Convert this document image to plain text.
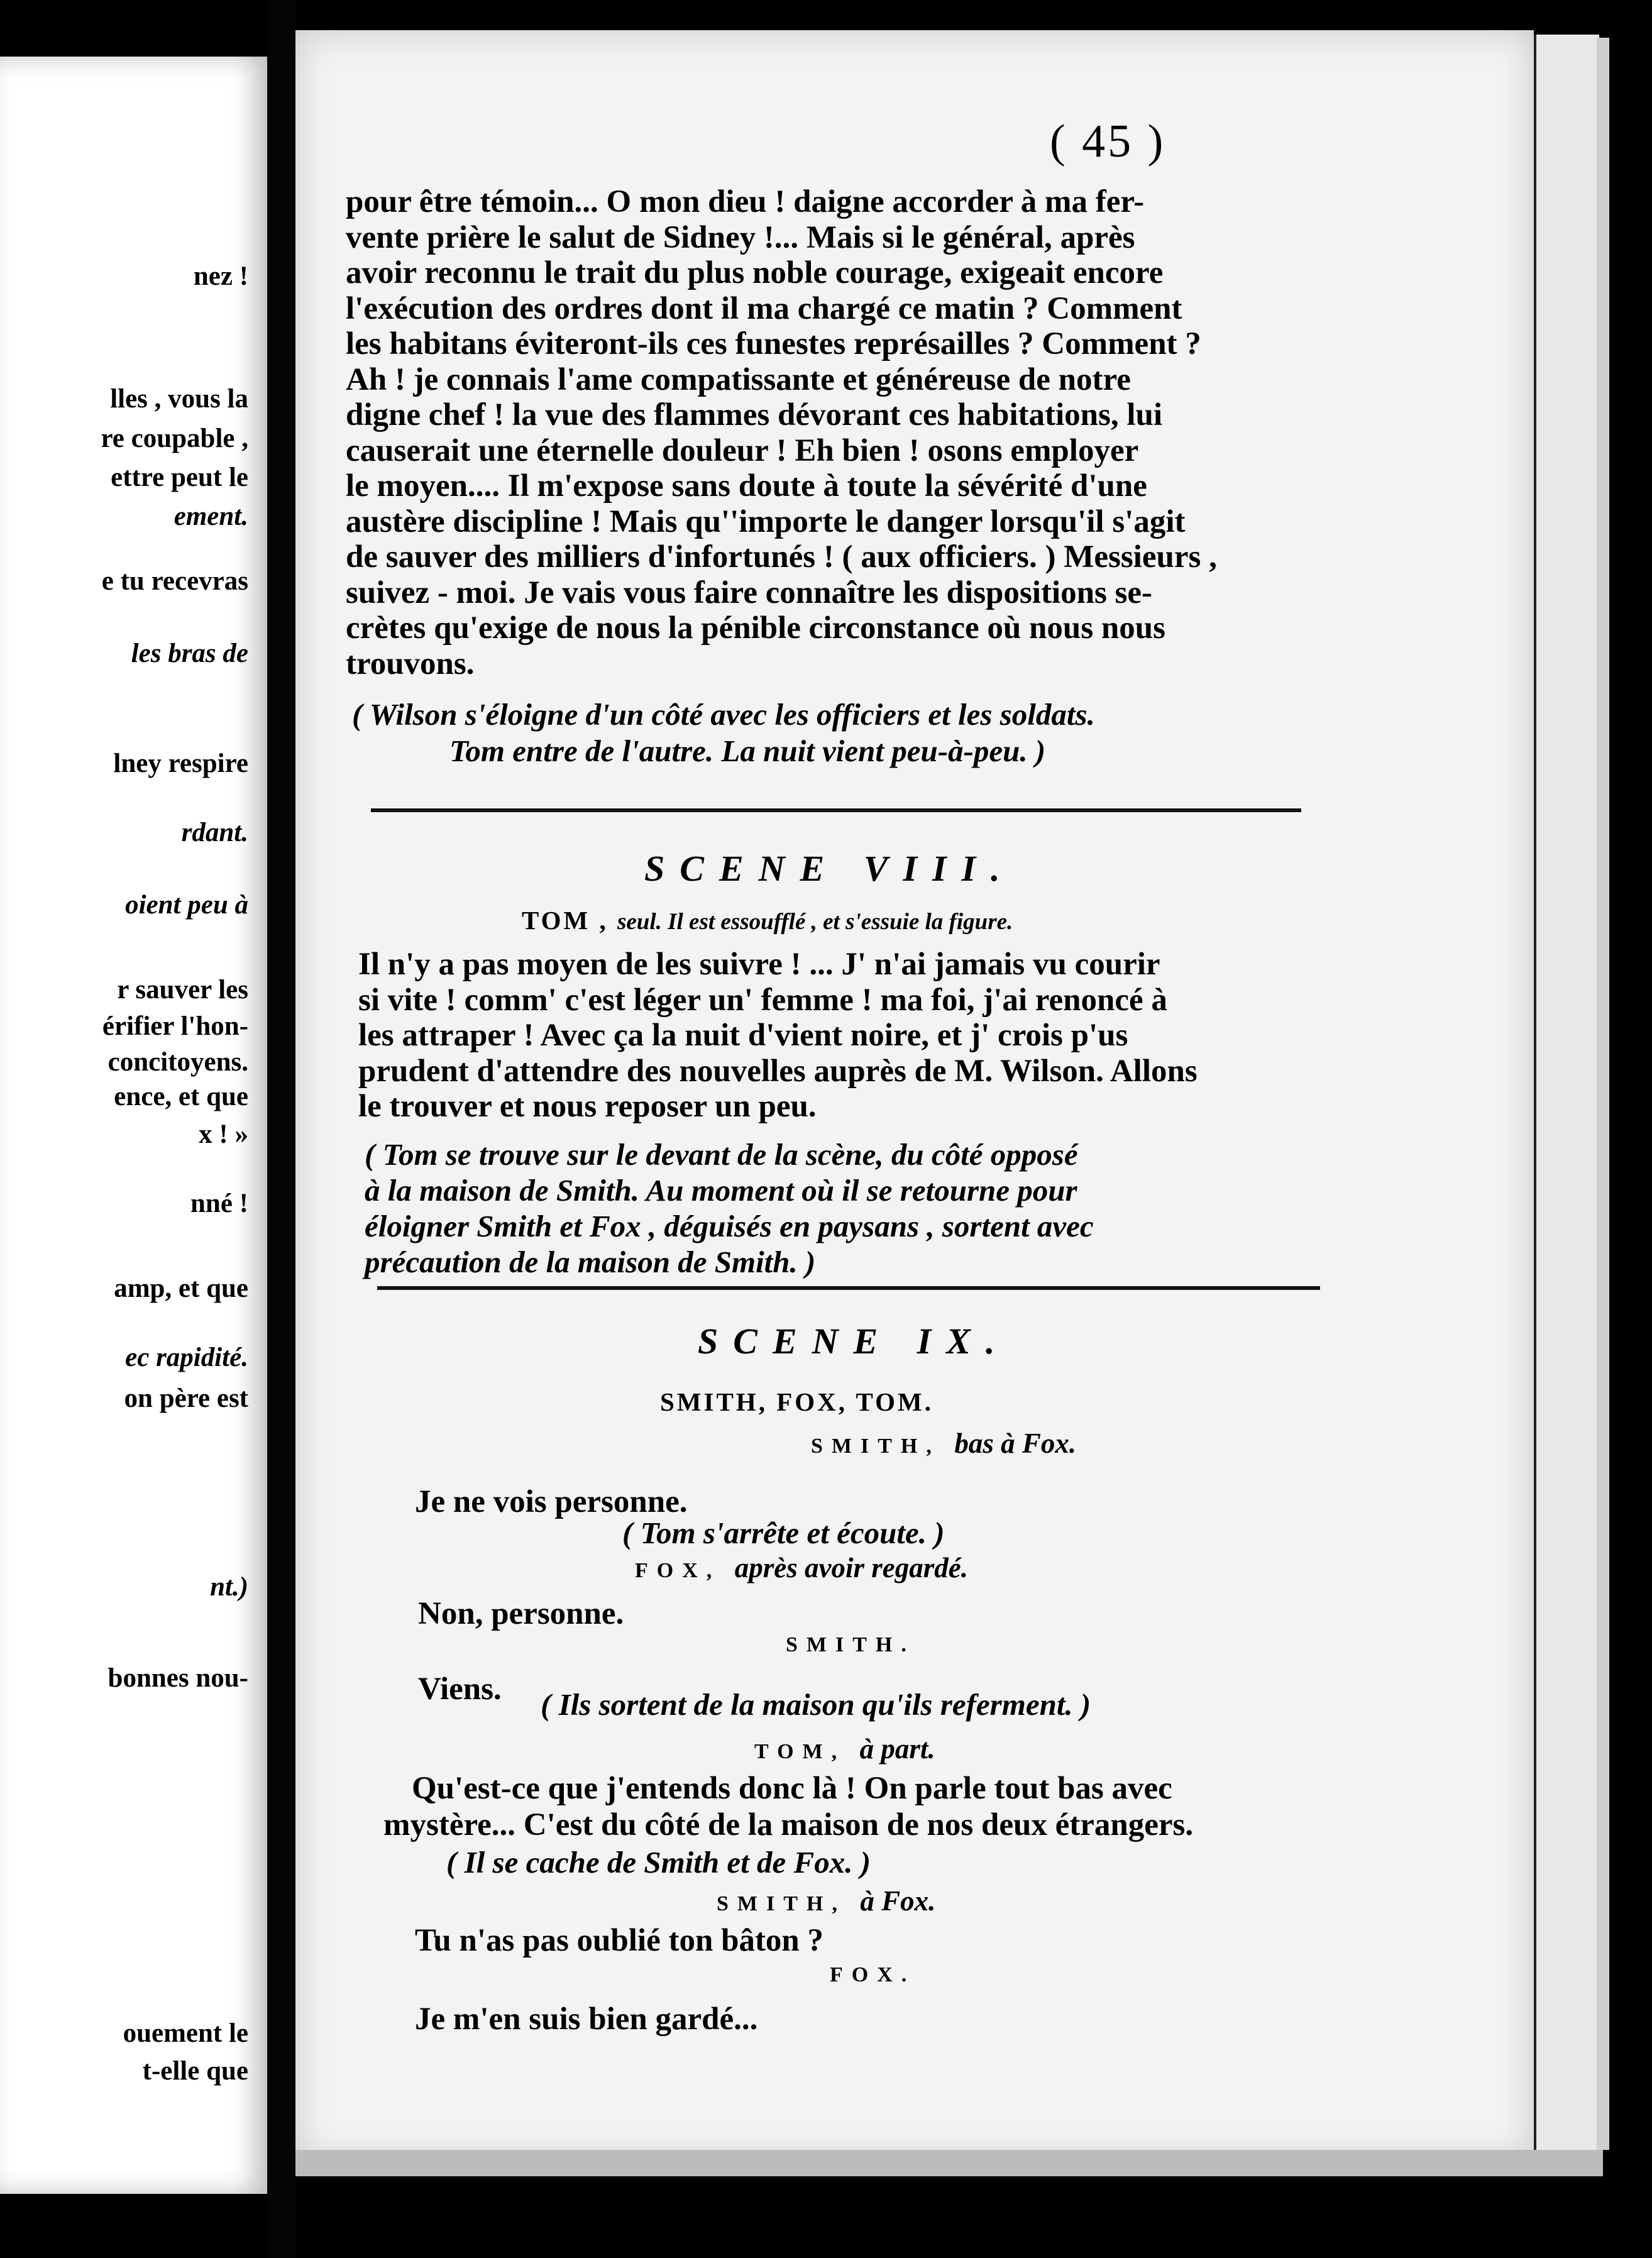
nez !
lles , vous la
re coupable ,
ettre peut le
ement.
e tu recevras
les bras de
lney respire
rdant.
oient peu à
r sauver les
érifier l'hon-
concitoyens.
ence, et que
x ! »
nné !
amp, et que
ec rapidité.
on père est
nt.)
bonnes nou-
ouement le
t-elle que
( 45 )
pour être témoin... O mon dieu ! daigne accorder à ma fer-
vente prière le salut de Sidney !... Mais si le général, après
avoir reconnu le trait du plus noble courage, exigeait encore
l'exécution des ordres dont il ma chargé ce matin ? Comment
les habitans éviteront-ils ces funestes représailles ? Comment ?
Ah ! je connais l'ame compatissante et généreuse de notre
digne chef ! la vue des flammes dévorant ces habitations, lui
causerait une éternelle douleur ! Eh bien ! osons employer
le moyen.... Il m'expose sans doute à toute la sévérité d'une
austère discipline ! Mais qu''importe le danger lorsqu'il s'agit
de sauver des milliers d'infortunés ! ( aux officiers. ) Messieurs ,
suivez - moi. Je vais vous faire connaître les dispositions se-
crètes qu'exige de nous la pénible circonstance où nous nous
trouvons.
( Wilson s'éloigne d'un côté avec les officiers et les soldats.
Tom entre de l'autre. La nuit vient peu-à-peu. )
SCENE VIII.
TOM , seul. Il est essoufflé , et s'essuie la figure.
Il n'y a pas moyen de les suivre ! ... J' n'ai jamais vu courir
si vite ! comm' c'est léger un' femme ! ma foi, j'ai renoncé à
les attraper ! Avec ça la nuit d'vient noire, et j' crois p'us
prudent d'attendre des nouvelles auprès de M. Wilson. Allons
le trouver et nous reposer un peu.
( Tom se trouve sur le devant de la scène, du côté opposé
à la maison de Smith. Au moment où il se retourne pour
éloigner Smith et Fox , déguisés en paysans , sortent avec
précaution de la maison de Smith. )
SCENE IX.
SMITH, FOX, TOM.
SMITH, bas à Fox.
Je ne vois personne.
( Tom s'arrête et écoute. )
FOX, après avoir regardé.
Non, personne.
SMITH.
Viens. ( Ils sortent de la maison qu'ils referment. )
TOM, à part.
Qu'est-ce que j'entends donc là ! On parle tout bas avec
mystère... C'est du côté de la maison de nos deux étrangers.
( Il se cache de Smith et de Fox. )
SMITH, à Fox.
Tu n'as pas oublié ton bâton ?
FOX.
Je m'en suis bien gardé...
